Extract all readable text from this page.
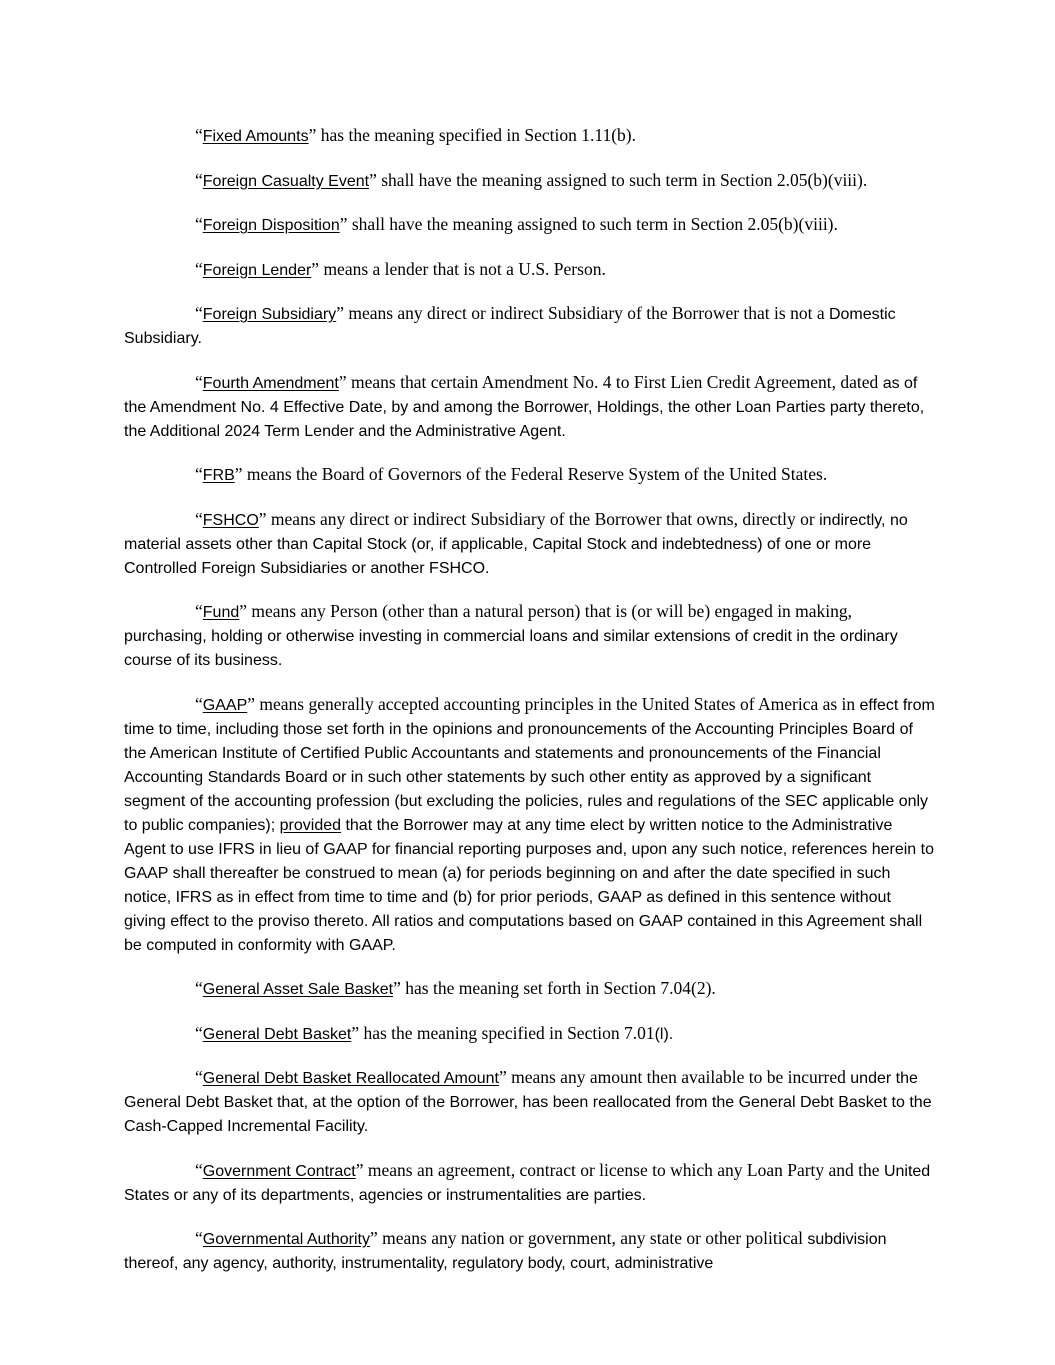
“Fixed Amounts” has the meaning specified in Section 1.11(b).

“Foreign Casualty Event” shall have the meaning assigned to such term in Section 2.05(b)(viii).

“Foreign Disposition” shall have the meaning assigned to such term in Section 2.05(b)(viii).

“Foreign Lender” means a lender that is not a U.S. Person.

“Foreign Subsidiary” means any direct or indirect Subsidiary of the Borrower that is not a Domestic Subsidiary.

“Fourth Amendment” means that certain Amendment No. 4 to First Lien Credit Agreement, dated as of the Amendment No. 4 Effective Date, by and among the Borrower, Holdings, the other Loan Parties party thereto, the Additional 2024 Term Lender and the Administrative Agent.

“FRB” means the Board of Governors of the Federal Reserve System of the United States.

“FSHCO” means any direct or indirect Subsidiary of the Borrower that owns, directly or indirectly, no material assets other than Capital Stock (or, if applicable, Capital Stock and indebtedness) of one or more Controlled Foreign Subsidiaries or another FSHCO.

“Fund” means any Person (other than a natural person) that is (or will be) engaged in making, purchasing, holding or otherwise investing in commercial loans and similar extensions of credit in the ordinary course of its business.

“GAAP” means generally accepted accounting principles in the United States of America as in effect from time to time, including those set forth in the opinions and pronouncements of the Accounting Principles Board of the American Institute of Certified Public Accountants and statements and pronouncements of the Financial Accounting Standards Board or in such other statements by such other entity as approved by a significant segment of the accounting profession (but excluding the policies, rules and regulations of the SEC applicable only to public companies); provided that the Borrower may at any time elect by written notice to the Administrative Agent to use IFRS in lieu of GAAP for financial reporting purposes and, upon any such notice, references herein to GAAP shall thereafter be construed to mean (a) for periods beginning on and after the date specified in such notice, IFRS as in effect from time to time and (b) for prior periods, GAAP as defined in this sentence without giving effect to the proviso thereto. All ratios and computations based on GAAP contained in this Agreement shall be computed in conformity with GAAP.

“General Asset Sale Basket” has the meaning set forth in Section 7.04(2).

“General Debt Basket” has the meaning specified in Section 7.01(l).

“General Debt Basket Reallocated Amount” means any amount then available to be incurred under the General Debt Basket that, at the option of the Borrower, has been reallocated from the General Debt Basket to the Cash-Capped Incremental Facility.

“Government Contract” means an agreement, contract or license to which any Loan Party and the United States or any of its departments, agencies or instrumentalities are parties.

“Governmental Authority” means any nation or government, any state or other political subdivision thereof, any agency, authority, instrumentality, regulatory body, court, administrative
